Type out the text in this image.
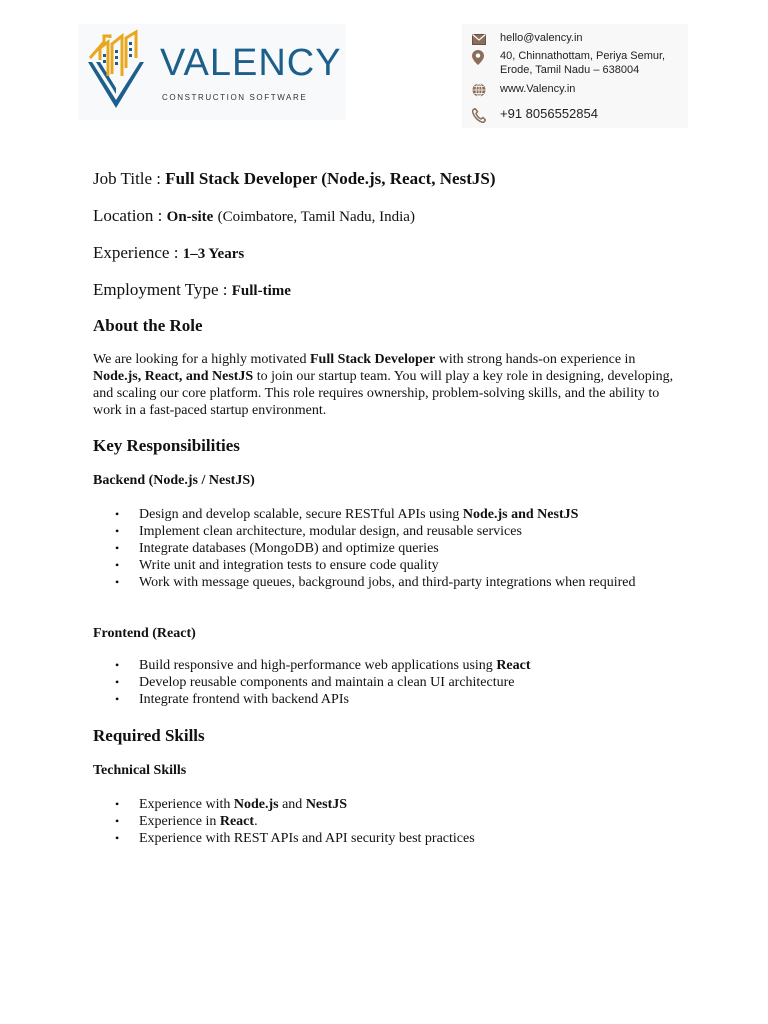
VALENCY
CONSTRUCTION SOFTWARE
hello@valency.in
40, Chinnathottam, Periya Semur,
Erode, Tamil Nadu – 638004
www.Valency.in
+91 8056552854
Job Title : Full Stack Developer (Node.js, React, NestJS)
Location : On-site (Coimbatore, Tamil Nadu, India)
Experience : 1–3 Years
Employment Type : Full-time
About the Role
We are looking for a highly motivated Full Stack Developer with strong hands-on experience in Node.js, React, and NestJS to join our startup team. You will play a key role in designing, developing, and scaling our core platform. This role requires ownership, problem-solving skills, and the ability to work in a fast-paced startup environment.
Key Responsibilities
Backend (Node.js / NestJS)
• Design and develop scalable, secure RESTful APIs using Node.js and NestJS
• Implement clean architecture, modular design, and reusable services
• Integrate databases (MongoDB) and optimize queries
• Write unit and integration tests to ensure code quality
• Work with message queues, background jobs, and third-party integrations when required
Frontend (React)
• Build responsive and high-performance web applications using React
• Develop reusable components and maintain a clean UI architecture
• Integrate frontend with backend APIs
Required Skills
Technical Skills
• Experience with Node.js and NestJS
• Experience in React.
• Experience with REST APIs and API security best practices
